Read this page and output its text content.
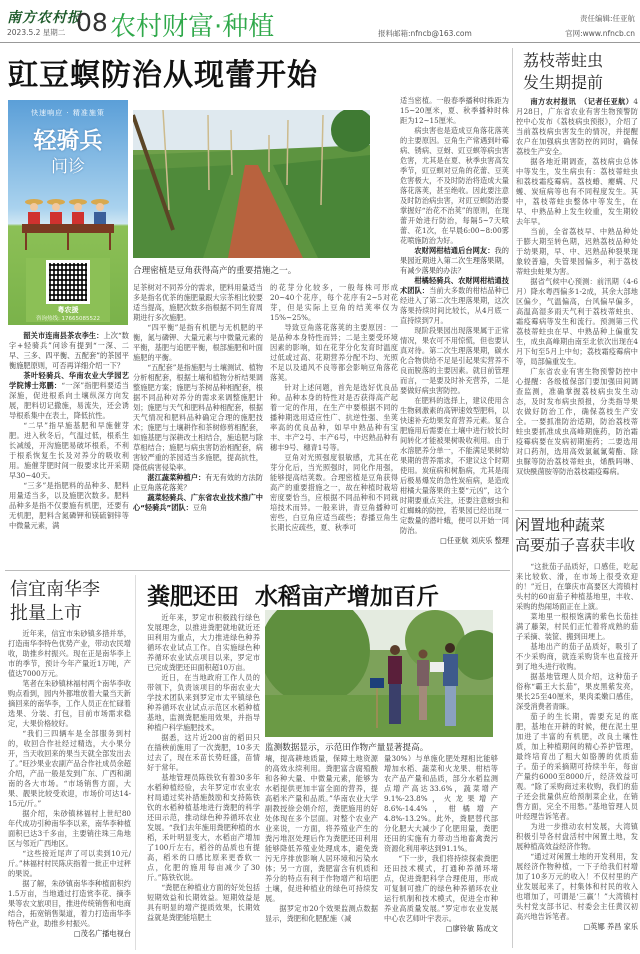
南方农村报
2023.5.2 星期二 08 农村财富·种植	责任编辑:任亚航
报料邮箱:nfncb@163.com	官网:www.nfncb.cn
豇豆螟防治从现蕾开始
快速响应 · 精准施策
轻骑兵
问诊
粤农援
咨询热线: 17665085522
合理密植是豆角获得高产的重要措施之一。

韶关市连南县茶农李生：上次“数字+轻骑兵”问诊有提到“一深、二早、三多、四平衡、五配套”的茶园平衡施肥原则，可否再详细介绍一下？

茶叶轻骑兵、华南农业大学园艺学院博士郑鹏：“一深”指肥料要适当深施，促进根系向土壤纵深方向发展，肥料切记撒施，易流失，还会诱导根系集中在表土，降低抗性。

“二早”指早施基肥和早施催芽肥。进入秋冬后，气温过低，根系生长减缓，开沟施肥易破坏根系，不利于根系恢复生长及对养分的吸收利用。施催芽肥时间一般要求比开采期早30~40天。

“三多”是指肥料的品种多、肥料用量适当多，以及施肥次数多。肥料品种多是指不仅要施有机肥，还要有无机肥，肥料含氮磷钾和镁硫铜锌等中微量元素，满

足茶树对不同养分的需求，肥料用量适当多是指名优茶的施肥量跟大宗茶相比较要适当提高，施肥次数多指根据不同生育周期进行多次施肥。

“四平衡”是指有机肥与无机肥的平衡，氮与磷钾、大量元素与中微量元素的平衡，基肥与追肥平衡，根部施肥和叶面施肥的平衡。

“五配套”是指施肥与土壤测试、植物分析相配套，根据土壤和植物分析结果调整施肥方案；施肥与茶树品种相配套，根据不同品种对养分的需求来调整施肥计划；施肥与天气和肥料品种相配套，根据天气情况和肥料品种确定合理的施肥技术；施肥与土壤耕作和茶树修剪相配套，如施基肥与深耕改土相结合，施追肥与除草相结合；施肥与病虫害防治相配套，病害较严重的茶园适当多施肥，提高抗性，降低病害侵染率。

湛江蔬菜种植户：有无有效的方法防止豆角落花落荚？

蔬菜轻骑兵、广东省农业技术推广中心“轻骑兵”团队：豆角

的花芽分化较多，一般每株可形成20~40个花序，每个花序有2~5对花芽，但是实际上豆角的结荚率仅为15%~25%。

导致豆角落花落荚的主要原因：一是品种本身特性而异；二是主要受环境因素的影响，如在花芽分化发育时温度过低或过高、花期营养分配不均、光照不足以及通风不良等都会影响豆角落花落荚。

针对上述问题，首先是选好优良品种。品种本身的特性对是否获得高产起着一定的作用，在生产中要根据不同的播种期选用适应性广、抗逆性强、坐荚率高的优良品种，如早中熟品种有宝丰、丰产2号、丰产6号，中迟熟品种有穗丰9号、穗青1号等。

豆角对光照强度很敏感，尤其在花芽分化后，当光照强时，同化作用强，能够提高结荚数。合理密植是豆角获得高产的重要措施之一，故在种植时栽培密度要恰当，应根据不同品种和不同栽培技术而异。一般来讲，青豆角播种可密些，白豆角应适当疏些；春播豆角生长期长应疏些，夏、秋季可

适当密植。一般春季播种时株距为15~20厘米，夏、秋季播种时株距为12~15厘米。

病虫害也是造成豆角落花落荚的主要原因。豆角生产常遇到叶霉病、锈病、豆蚜、豇豆螟等病虫害危害，尤其是在夏、秋季虫害高发季节，豇豆螟对豆角的花蕾、豆荚危害极大，不及时防治将造成大量落花落荚，甚至绝收。因此要注意及时防治病虫害，对豇豆螟防治要掌握好“治花不治荚”的原则，在现蕾开始进行防治，每隔5~7天喷蕾、花1次，在早晨6:00~8:00雾花喷施防治为好。

农财网柑桔通后台网友：我的果园近期进入第二次生理落果期，有减少落果的办法？

柑橘轻骑兵、农财网柑桔通技术团队：当前大多数的柑桔品种已经进入了第二次生理落果期，这次落果持续时间比较长，从4月底一直持续到7月。

现阶段果园出现落果属于正常情况，果农可不用惊慌，但也要认真对待。第二次生理落果期，碳水化合物供给不足是引起果实营养不良而脱落的主要因素。就目前管理而言，一是要及时补充营养，二是要做好病虫害防控。

在肥料的选择上，建议使用含生物刺激素的高钾速效型肥料，以快速补充幼果发育营养元素。复合肥施用后需要在土壤中进行较长时间转化才能被果树吸收利用。由于水溶肥养分单一，不能满足果树幼果期的营养需求，不建议这个时期使用。炭疽病和树脂病，尤其是雨后极易爆发的急性炭疽病，是造成柑橘大量落果的主要“元凶”，这个时期要重点关注，还要注意蚜虫和红蜘蛛的防控，若果园已经出现一定数量的潜叶蛾，便可以开始一同防治。

□任亚航 刘庆乐 整理

荔枝蒂蛀虫
发生期提前

南方农村报讯　（记者任亚航）4月28日，广东省农业有害生物预警防控中心发布《荔枝病虫预报》，介绍了当前荔枝病虫害发生的情况，并提醒农户在加强病虫害防控的同时，确保荔枝生产安全。

据各地近期调查，荔枝病虫总体中等发生，发生病虫有：荔枝蒂蛀虫和荔枝霜疫霉病。荔枝蝽、瘿螨、尺蠖、炭疽病等也有不同程度发生。其中，荔枝蒂蛀虫整体中等发生，在早、中熟品种上发生较重，发生期较去年早。

当前，全省荔枝早、中熟品种处于膨大期至转色期，迟熟荔枝品种处于幼果期，早、中、迟熟品种裂果现象较普遍，失管果园偏多，利于荔枝蒂蛀虫蛀果为害。

据省气候中心预测：前汛期（4-6月）降水粤西偏多1-2成，其余大部地区偏少，气温偏高，台风偏早偏多，高温高湿多雨天气利于荔枝蒂蛀虫、霜疫霉病等发生和流行。预测第三代荔枝蒂蛀虫在早、中熟品种上偏重发生，成虫高峰期由南至北依次出现在4月下旬至5月上中旬；荔枝霜疫霉病中等，局部偏重发生。

广东省农业有害生物预警防控中心提醒：各级植保部门要加强田间调查监测，准确掌握荔枝病虫发生动态，及时发布病虫预报，分类指导果农做好防治工作，确保荔枝生产安全。一要抓准防治适期，防治荔枝蒂蛀虫要抓准成虫高峰期施药，防治霜疫霉病要在发病初期施药；二要选用对口药剂，选用高效氯氟氰菊酯、除虫脲等防治荔枝蒂蛀虫，烯酰吗啉、双炔酰菌胺等防治荔枝霜疫霉病。

闲置地种蔬菜
高要茄子喜获丰收

“这批茄子品质好，口感佳，吃起来比较软、滑，在市场上很受欢迎的！”近日，在肇庆市高要区大湾镇村头村的60亩茄子种植基地里，丰收、采购的热闹场面正在上演。

菜地里一根根饱满的紫色长茄挂满了藤架，村民们正忙着将成熟的茄子采摘、装筐、搬到田埂上。

基地出产的茄子品质好，吸引了不少采购商，就连采购货车也直接开到了地头进行收购。

据基地管理人员介绍，这种茄子俗称“霸王大长茄”，果皮黑紫发亮，果长25至40厘米，果肉柔嫩口感佳，深受消费者青睐。

茄子的生长期，需要充足的底肥，基地在开耕的时候，便在泥土里加进了丰富的有机肥，改良土壤性质，加上种植期间的精心养护管理，最终培育出了粗大如胳膊的优质茄子。茄子的采摘期可持续半年，每亩产量约6000至8000斤，经济效益可观。“除了采购商过来收购，我们的茄子还会批量供应给预制菜企业，在销售方面，完全不用愁。”基地管理人员叶经理告诉笔者。

为进一步推动农村发展，大湾镇积极引导各村盘活村中闲置土地，发展种植高效益经济作物。

“通过对闲置土地的开发利用，发展经济作物种植，一下子给我们村增加了10多万元的收入！不仅村里的产业发展起来了，村集体和村民的收入也增加了，可谓是‘三赢’！”大湾镇村头村党支部书记、村委会主任黄汉初高兴地告诉笔者。

□英娜 养昌 家乐

信宜南华李
批量上市

近年来，信宜市朱砂镇多措并举，打造南华李特色优势产业，带动农民增收，助推乡村振兴。现在正是南华李上市的季节，预计今年产量近1万吨，产值达7000万元。

笔者在朱砂镇林福村两个南华李收购点看到，园内外都堆放着大量当天新摘回来的南华李，工作人员正在忙碌着选果、分装、打包，目前市场需求稳定，大果价格较好。

“我们三四辆车是全部服务到村的，收回合作社经过精选，大小果分开，当天收回来的果当天就全部发出去了。”旺沙果业农副产品合作社成员余超介绍，产品一般是发到广东、广西和湖南的各大市场。“市场销售方面，大果、靓果比较受欢迎，市场价可达14-15元/斤。”

据介绍，朱砂镇林福村上世纪80年代成功引种南华李以来，南华李种植面积已达3千多亩，主要销往珠三角地区与邻近广西地区。

“这些接近尾声了可以卖到10元/斤。”林福村村民陈庆指着一批正中过秤的果说。

据了解，朱砂镇南华李种植面积约1.5万亩，当地通过打造赏李花、摘李果等农文旅项目，推进传统销售和电商结合，拓宽销售渠道，着力打造南华李特色产业，助推乡村振兴。

□茂名广播电视台

粪肥还田  水稻亩产增加百斤
监测数据显示，示范田作物产量显著提高。

近年来，罗定市积极践行绿色发展理念，以推进粪肥就地就近还田利用为重点，大力推进绿色种养循环农业试点工作。自实施绿色种养循环农业试点项目以来，罗定市已完成粪肥还田面积超10万亩。

近日，在当地政府工作人员的带领下，负责该项目的华南农业大学技术团队来到罗定市太平镇绿色种养循环农业试点示范区水稻种植基地，监测粪肥施用效果，并指导种植户科学施肥技术。

据悉，这片近200亩的稻田只在插秧前施用了一次粪肥，10多天过去了，现在禾苗长势旺盛，苗情好于常年。

基地管理员陈铁钦有着30多年水稻种植经验，去年罗定市农业农村局通过奖补措施鼓励和支持陈铁钦的水稻种植基地进行粪肥的科学还田示范，推动绿色种养循环农业发展。“我们去年施用粪肥种植的水稻，禾叶明显变大，水稻亩产增加了100斤左右，稻谷的品质也有提高，稻米的口感比原来更香软一点，化肥的施用每亩减少了30斤。”陈铁钦说。

“粪肥在种植业方面的好处包括短期效益和长期效益。短期效益是具有明显的增产提质效果，长期效益就是粪肥能培肥土

壤，提高耕地质量，保障土地资源的高效永续利用。粪肥富含腐殖酸和各种大量、中微量元素，能够为水稻提供更加丰富全面的营养，提高稻米产量和品质。”华南农业大学副教授徐会娟介绍，粪肥施用的好处体现在多个层面。对整个农业产业来说，一方面，将养殖业产生的粪污堆沤处理后作为粪肥还田利用能够降低养殖业处理成本，避免粪污无序排放影响人居环境和污染水体；另一方面，粪肥富含有机质和养分的特点有利于作物增产和培肥土壤，促进种植业的绿色可持续发展。

据罗定市20个效果监测点数据显示，粪肥和化肥配施（减

量30%）与单施化肥处理相比能够增加水稻、蔬菜和火龙果、柑桔等农产品产量和品质，部分水稻监测点增产高达33.6%，蔬菜增产9.1%-23.8%，火龙果增产8.6%-14.4%，柑橘增产4.8%-13.2%。此外，粪肥替代部分化肥大大减少了化肥用量，粪肥还田的实施有力带动当地畜禽粪污资源化利用率达到91.1%。

“下一步，我们将持续探索粪肥还田技术模式，打通种养循环堵点，促进粪肥科学合理使用，形成可复制可推广的绿色种养循环农业运行机制和技术模式，促进全市种养业高质量发展。”罗定市农业发展中心农艺师叶宇表示。

□廖铃敏 陈成文
